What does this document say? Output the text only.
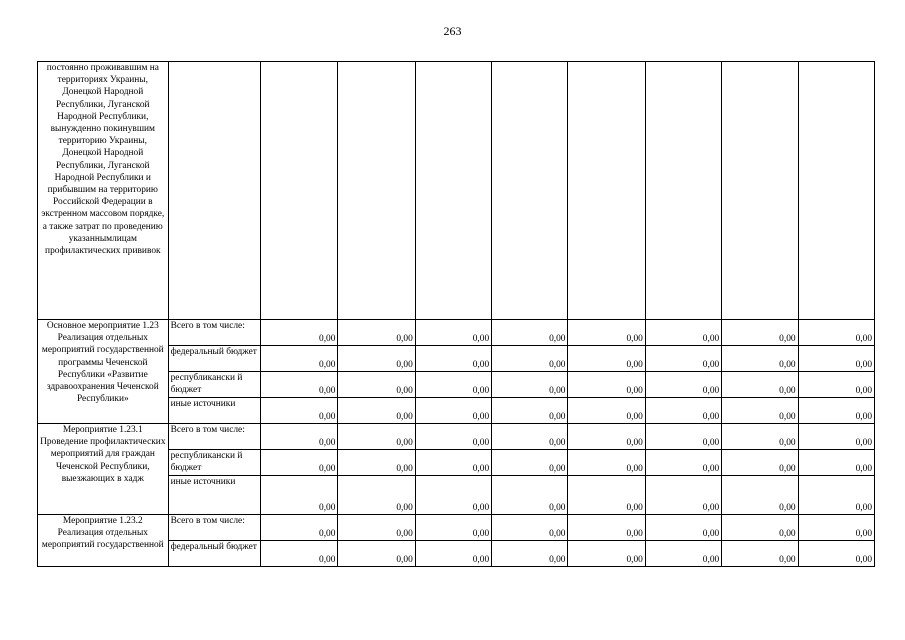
263
постоянно проживавшим на территориях Украины, Донецкой Народной Республики, Луганской Народной Республики, вынужденно покинувшим территорию Украины, Донецкой Народной Республики, Луганской Народной Республики и прибывшим на территорию Российской Федерации в экстренном массовом порядке, а также затрат по проведению указаннымлицам профилактических прививок									
Основное мероприятие 1.23 Реализация отдельных мероприятий государственной программы Чеченской Республики «Развитие здравоохранения Чеченской Республики»	Всего в том числе:	0,00	0,00	0,00	0,00	0,00	0,00	0,00	0,00
	федеральный бюджет	0,00	0,00	0,00	0,00	0,00	0,00	0,00	0,00
	республикански й бюджет	0,00	0,00	0,00	0,00	0,00	0,00	0,00	0,00
	иные источники	0,00	0,00	0,00	0,00	0,00	0,00	0,00	0,00
Мероприятие 1.23.1 Проведение профилактических мероприятий для граждан Чеченской Республики, выезжающих в хадж	Всего в том числе:	0,00	0,00	0,00	0,00	0,00	0,00	0,00	0,00
	республикански й бюджет	0,00	0,00	0,00	0,00	0,00	0,00	0,00	0,00
	иные источники	0,00	0,00	0,00	0,00	0,00	0,00	0,00	0,00
Мероприятие 1.23.2 Реализация отдельных мероприятий государственной	Всего в том числе:	0,00	0,00	0,00	0,00	0,00	0,00	0,00	0,00
	федеральный бюджет	0,00	0,00	0,00	0,00	0,00	0,00	0,00	0,00
